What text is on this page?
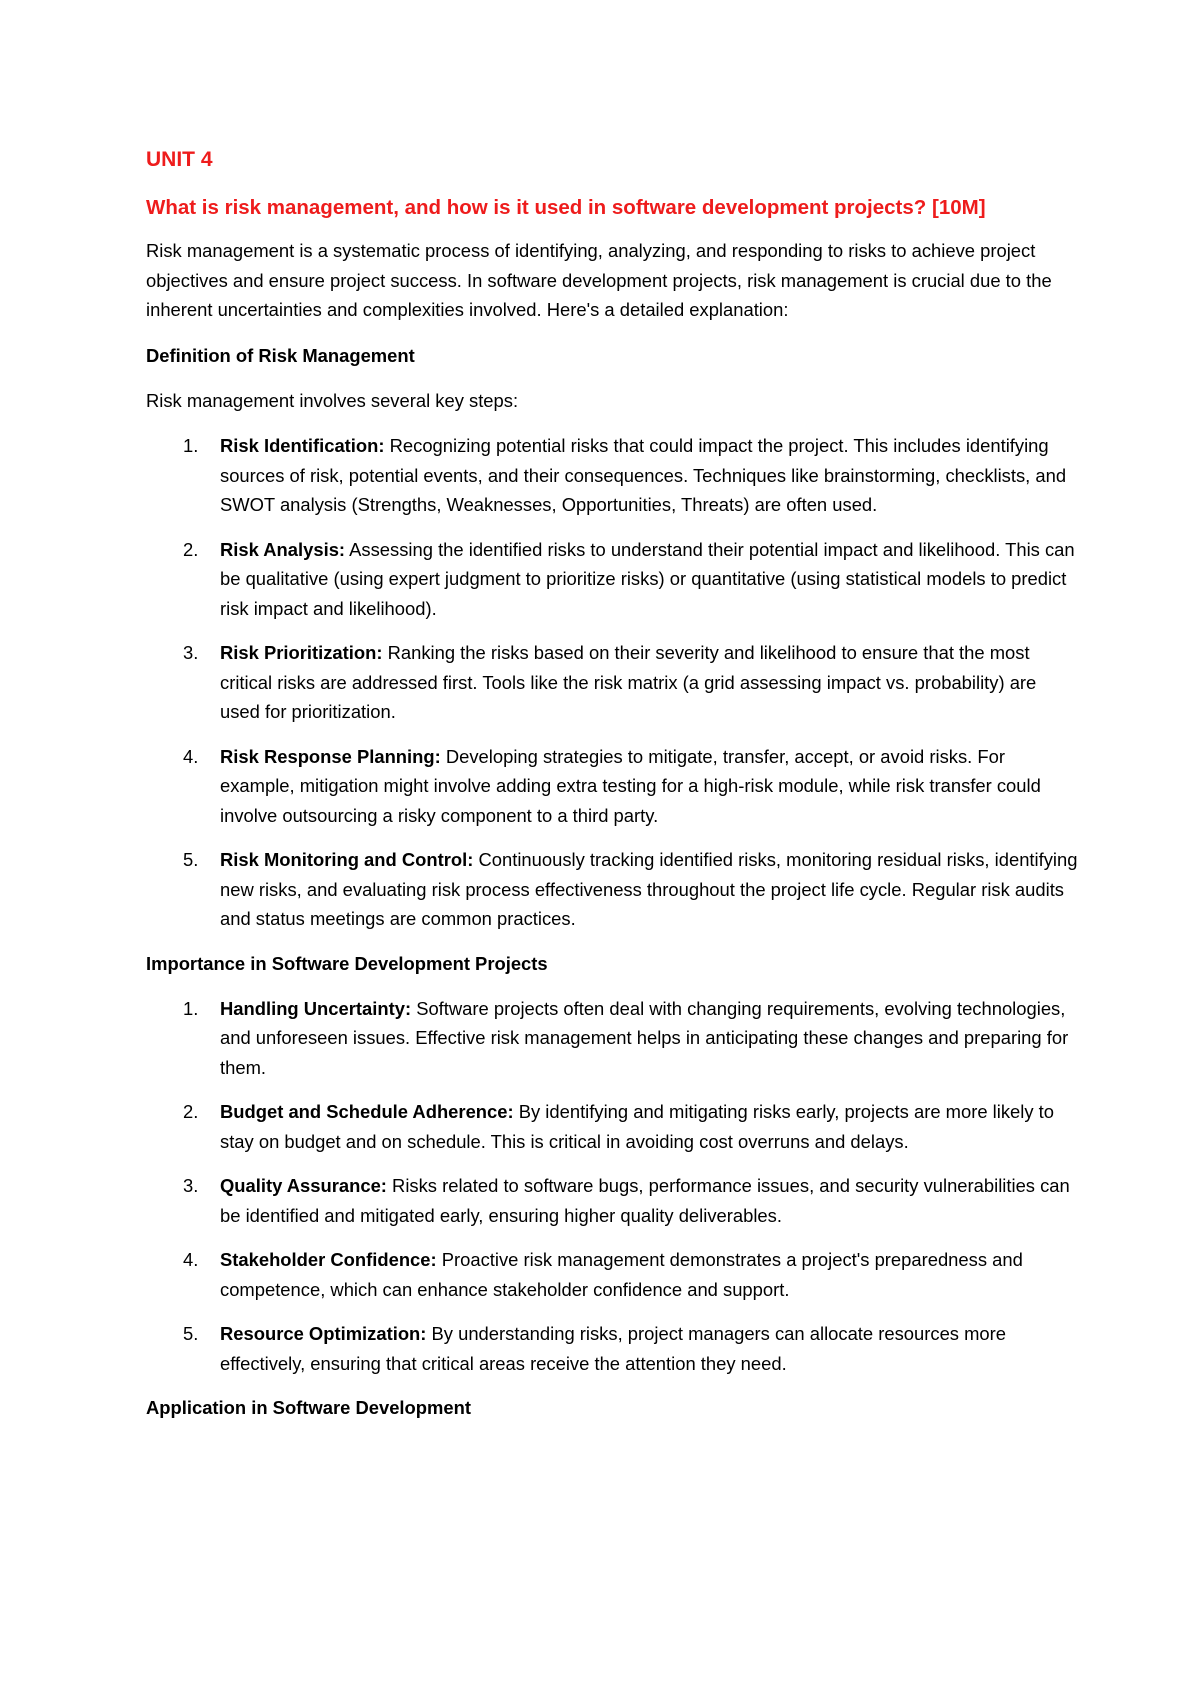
UNIT 4
What is risk management, and how is it used in software development projects? [10M]

Risk management is a systematic process of identifying, analyzing, and responding to risks to achieve project objectives and ensure project success. In software development projects, risk management is crucial due to the inherent uncertainties and complexities involved. Here's a detailed explanation:

Definition of Risk Management

Risk management involves several key steps:

1. Risk Identification: Recognizing potential risks that could impact the project. This includes identifying sources of risk, potential events, and their consequences. Techniques like brainstorming, checklists, and SWOT analysis (Strengths, Weaknesses, Opportunities, Threats) are often used.
2. Risk Analysis: Assessing the identified risks to understand their potential impact and likelihood. This can be qualitative (using expert judgment to prioritize risks) or quantitative (using statistical models to predict risk impact and likelihood).
3. Risk Prioritization: Ranking the risks based on their severity and likelihood to ensure that the most critical risks are addressed first. Tools like the risk matrix (a grid assessing impact vs. probability) are used for prioritization.
4. Risk Response Planning: Developing strategies to mitigate, transfer, accept, or avoid risks. For example, mitigation might involve adding extra testing for a high-risk module, while risk transfer could involve outsourcing a risky component to a third party.
5. Risk Monitoring and Control: Continuously tracking identified risks, monitoring residual risks, identifying new risks, and evaluating risk process effectiveness throughout the project life cycle. Regular risk audits and status meetings are common practices.
Importance in Software Development Projects
1. Handling Uncertainty: Software projects often deal with changing requirements, evolving technologies, and unforeseen issues. Effective risk management helps in anticipating these changes and preparing for them.
2. Budget and Schedule Adherence: By identifying and mitigating risks early, projects are more likely to stay on budget and on schedule. This is critical in avoiding cost overruns and delays.
3. Quality Assurance: Risks related to software bugs, performance issues, and security vulnerabilities can be identified and mitigated early, ensuring higher quality deliverables.
4. Stakeholder Confidence: Proactive risk management demonstrates a project's preparedness and competence, which can enhance stakeholder confidence and support.
5. Resource Optimization: By understanding risks, project managers can allocate resources more effectively, ensuring that critical areas receive the attention they need.
Application in Software Development
